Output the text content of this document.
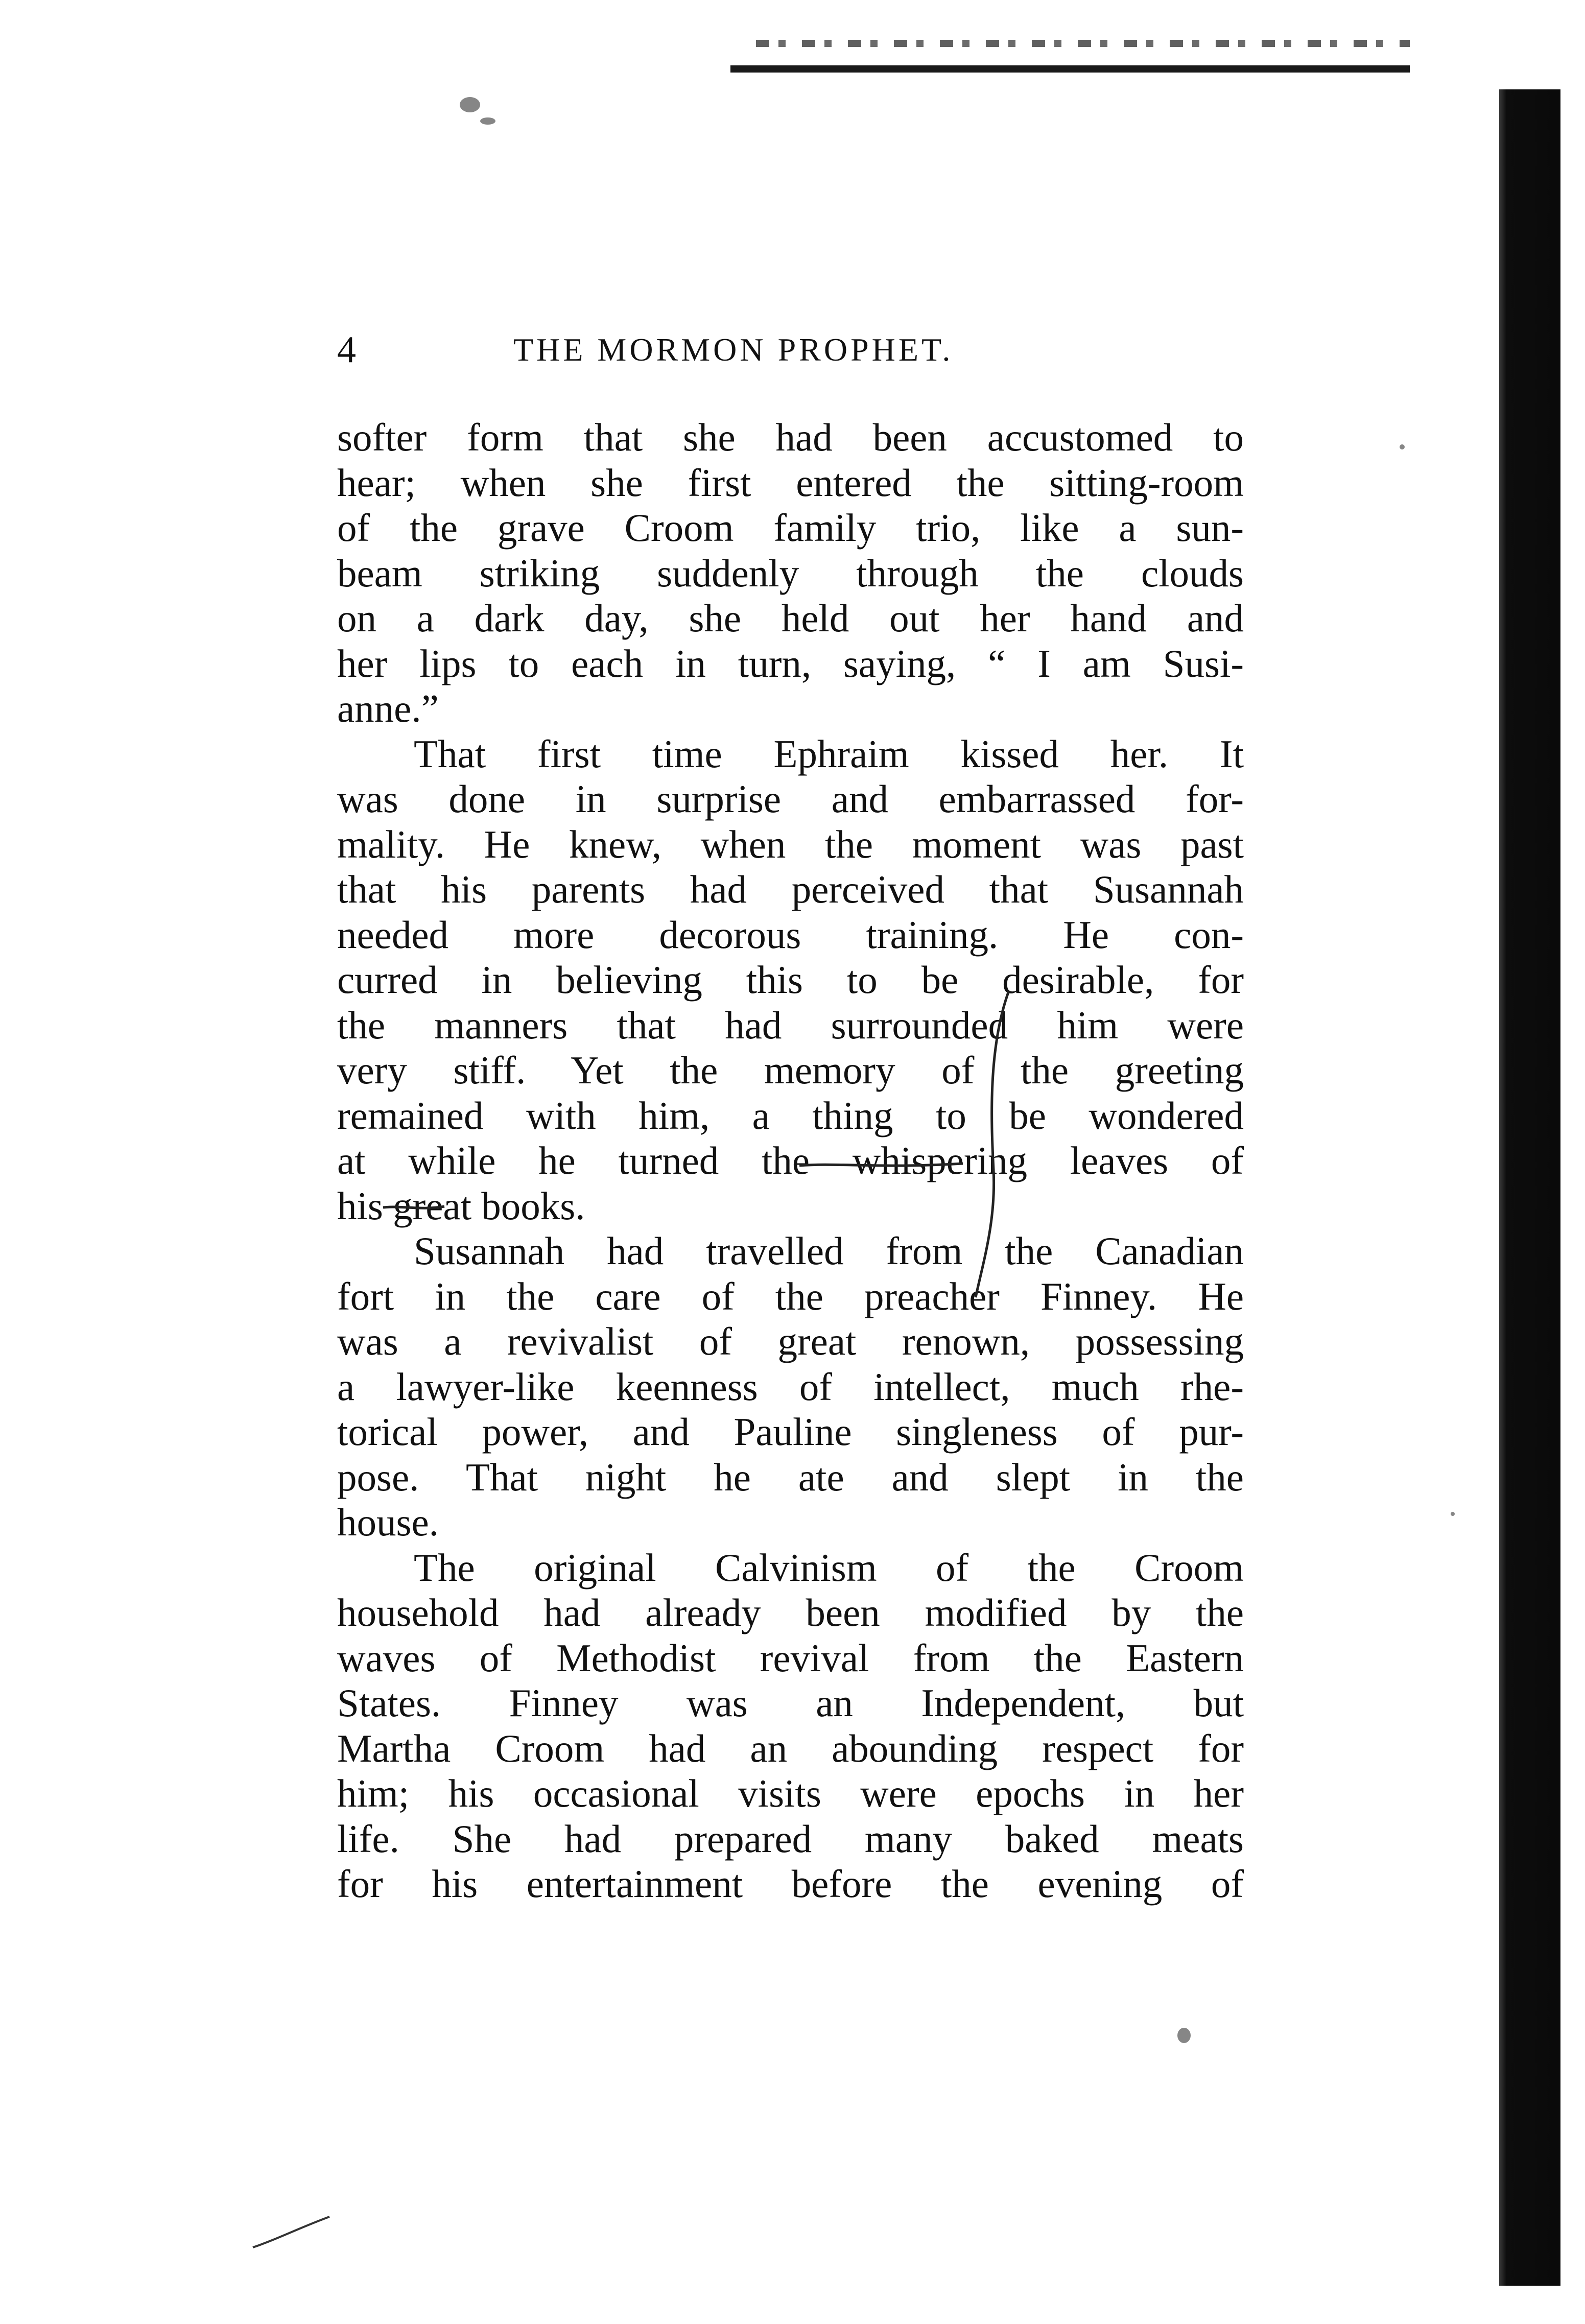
4	THE MORMON PROPHET.
softer form that she had been accustomed to
hear; when she first entered the sitting-room
of the grave Croom family trio, like a sun-
beam striking suddenly through the clouds
on a dark day, she held out her hand and
her lips to each in turn, saying, “ I am Susi-
anne.”
That first time Ephraim kissed her. It
was done in surprise and embarrassed for-
mality. He knew, when the moment was past
that his parents had perceived that Susannah
needed more decorous training. He con-
curred in believing this to be desirable, for
the manners that had surrounded him were
very stiff. Yet the memory of the greeting
remained with him, a thing to be wondered
at while he turned the whispering leaves of
his great books.
Susannah had travelled from the Canadian
fort in the care of the preacher Finney. He
was a revivalist of great renown, possessing
a lawyer-like keenness of intellect, much rhe-
torical power, and Pauline singleness of pur-
pose. That night he ate and slept in the
house.
The original Calvinism of the Croom
household had already been modified by the
waves of Methodist revival from the Eastern
States. Finney was an Independent, but
Martha Croom had an abounding respect for
him; his occasional visits were epochs in her
life. She had prepared many baked meats
for his entertainment before the evening of
